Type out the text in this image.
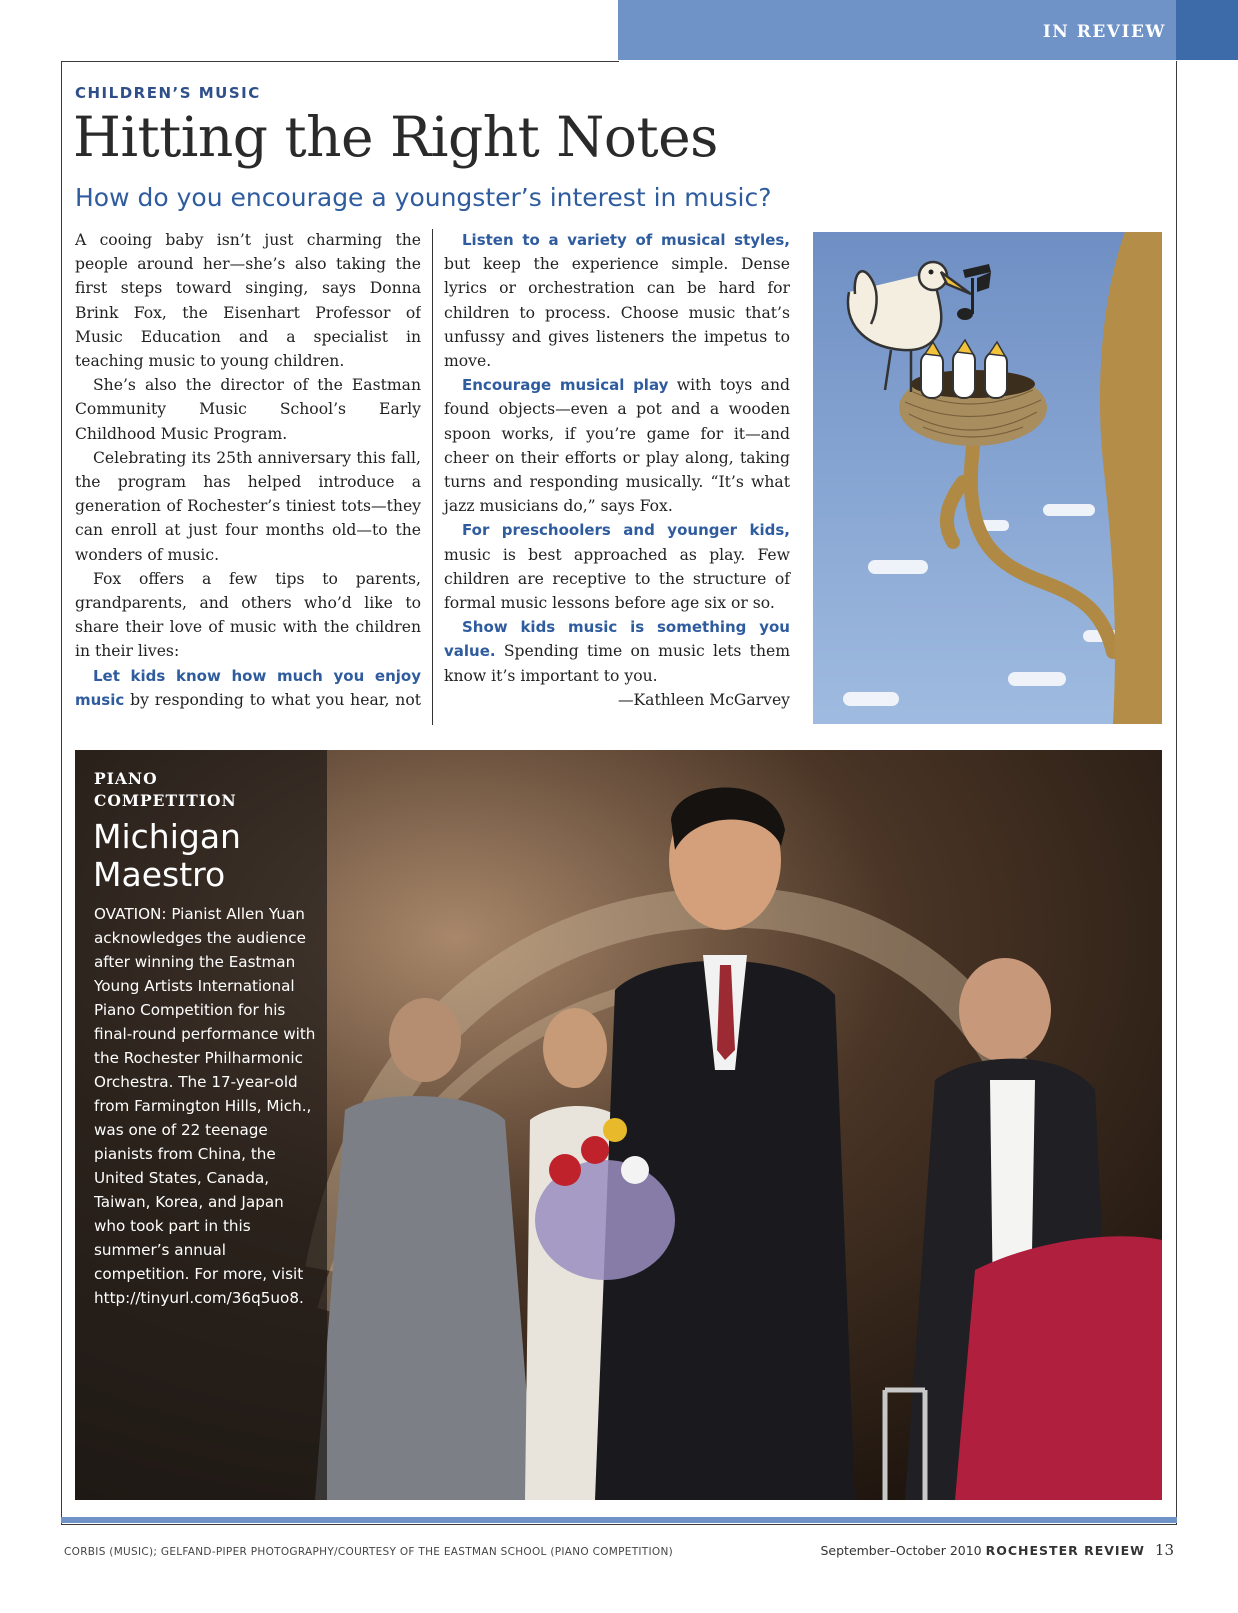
IN REVIEW
CHILDREN’S MUSIC
Hitting the Right Notes
How do you encourage a youngster’s interest in music?

A cooing baby isn’t just charming the people around her—she’s also taking the first steps toward singing, says Donna Brink Fox, the Eisenhart Professor of Music Education and a specialist in teaching music to young children.

She’s also the director of the Eastman Community Music School’s Early Childhood Music Program.

Celebrating its 25th anniversary this fall, the program has helped introduce a generation of Rochester’s tiniest tots—they can enroll at just four months old—to the wonders of music.

Fox offers a few tips to parents, grandparents, and others who’d like to share their love of music with the children in their lives:

Let kids know how much you enjoy music by responding to what you hear, not

Listen to a variety of musical styles, but keep the experience simple. Dense lyrics or orchestration can be hard for children to process. Choose music that’s unfussy and gives listeners the impetus to move.

Encourage musical play with toys and found objects—even a pot and a wooden spoon works, if you’re game for it—and cheer on their efforts or play along, taking turns and responding musically. “It’s what jazz musicians do,” says Fox.

For preschoolers and younger kids, music is best approached as play. Few children are receptive to the structure of formal music lessons before age six or so.

Show kids music is something you value. Spending time on music lets them know it’s important to you.

—Kathleen McGarvey

PIANO COMPETITION
Michigan Maestro
OVATION: Pianist Allen Yuan acknowledges the audience after winning the Eastman Young Artists International Piano Competition for his final-round performance with the Rochester Philharmonic Orchestra. The 17-year-old from Farmington Hills, Mich., was one of 22 teenage pianists from China, the United States, Canada, Taiwan, Korea, and Japan who took part in this summer’s annual competition. For more, visit http://tinyurl.com/36q5uo8.
CORBIS (MUSIC); GELFAND-PIPER PHOTOGRAPHY/COURTESY OF THE EASTMAN SCHOOL (PIANO COMPETITION)	September–October 2010 ROCHESTER REVIEW 13
